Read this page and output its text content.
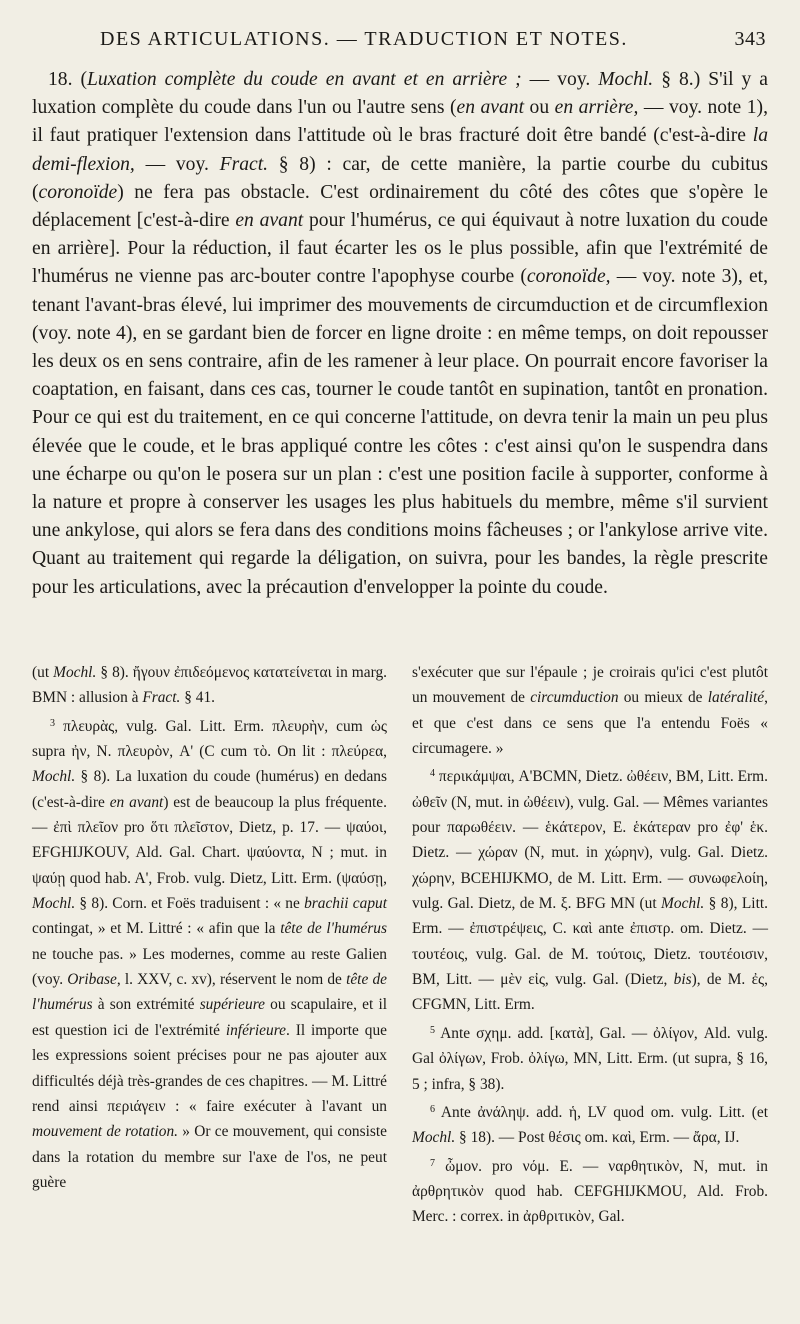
DES ARTICULATIONS. — TRADUCTION ET NOTES.	343

18. (Luxation complète du coude en avant et en arrière ; — voy. Mochl. § 8.) S'il y a luxation complète du coude dans l'un ou l'autre sens (en avant ou en arrière, — voy. note 1), il faut pratiquer l'extension dans l'attitude où le bras fracturé doit être bandé (c'est-à-dire la demi-flexion, — voy. Fract. § 8) : car, de cette manière, la partie courbe du cubitus (coronoïde) ne fera pas obstacle. C'est ordinairement du côté des côtes que s'opère le déplacement [c'est-à-dire en avant pour l'humérus, ce qui équivaut à notre luxation du coude en arrière]. Pour la réduction, il faut écarter les os le plus possible, afin que l'extrémité de l'humérus ne vienne pas arc-bouter contre l'apophyse courbe (coronoïde, — voy. note 3), et, tenant l'avant-bras élevé, lui imprimer des mouvements de circumduction et de circumflexion (voy. note 4), en se gardant bien de forcer en ligne droite : en même temps, on doit repousser les deux os en sens contraire, afin de les ramener à leur place. On pourrait encore favoriser la coaptation, en faisant, dans ces cas, tourner le coude tantôt en supination, tantôt en pronation. Pour ce qui est du traitement, en ce qui concerne l'attitude, on devra tenir la main un peu plus élevée que le coude, et le bras appliqué contre les côtes : c'est ainsi qu'on le suspendra dans une écharpe ou qu'on le posera sur un plan : c'est une position facile à supporter, conforme à la nature et propre à conserver les usages les plus habituels du membre, même s'il survient une ankylose, qui alors se fera dans des conditions moins fâcheuses ; or l'ankylose arrive vite. Quant au traitement qui regarde la déligation, on suivra, pour les bandes, la règle prescrite pour les articulations, avec la précaution d'envelopper la pointe du coude.

(ut Mochl. § 8). ἤγουν ἐπιδεόμενος κατατείνεται in marg. BMN : allusion à Fract. § 41.

$^3$ πλευρὰς, vulg. Gal. Litt. Erm. πλευρὴν, cum ὡς supra ἠν, N. πλευρὸν, A' (C cum τὸ. On lit : πλεύρεα, Mochl. § 8). La luxation du coude (humérus) en dedans (c'est-à-dire en avant) est de beaucoup la plus fréquente. — ἐπὶ πλεῖον pro ὅτι πλεῖστον, Dietz, p. 17. — ψαύοι, EFGHIJKOUV, Ald. Gal. Chart. ψαύοντα, N ; mut. in ψαύῃ quod hab. A', Frob. vulg. Dietz, Litt. Erm. (ψαύσῃ, Mochl. § 8). Corn. et Foës traduisent : « ne brachii caput contingat, » et M. Littré : « afin que la tête de l'humérus ne touche pas. » Les modernes, comme au reste Galien (voy. Oribase, l. XXV, c. xv), réservent le nom de tête de l'humérus à son extrémité supérieure ou scapulaire, et il est question ici de l'extrémité inférieure. Il importe que les expressions soient précises pour ne pas ajouter aux difficultés déjà très-grandes de ces chapitres. — M. Littré rend ainsi περιάγειν : « faire exécuter à l'avant un mouvement de rotation. » Or ce mouvement, qui consiste dans la rotation du membre sur l'axe de l'os, ne peut guère

s'exécuter que sur l'épaule ; je croirais qu'ici c'est plutôt un mouvement de circumduction ou mieux de latéralité, et que c'est dans ce sens que l'a entendu Foës « circumagere. »

$^4$ περικάμψαι, A'BCMN, Dietz. ὠθέειν, BM, Litt. Erm. ὠθεῖν (N, mut. in ὠθέειν), vulg. Gal. — Mêmes variantes pour παρωθέειν. — ἑκάτερον, E. ἑκάτεραν pro ἐφ' ἑκ. Dietz. — χώραν (N, mut. in χώρην), vulg. Gal. Dietz. χώρην, BCEHIJKMO, de M. Litt. Erm. — συνωφελοίη, vulg. Gal. Dietz, de M. ξ. BFG MN (ut Mochl. § 8), Litt. Erm. — ἐπιστρέψεις, C. καὶ ante ἐπιστρ. om. Dietz. — τουτέοις, vulg. Gal. de M. τούτοις, Dietz. τουτέοισιν, BM, Litt. — μὲν εἰς, vulg. Gal. (Dietz, bis), de M. ἐς, CFGMN, Litt. Erm.

$^5$ Ante σχημ. add. [κατὰ], Gal. — ὀλίγον, Ald. vulg. Gal ὀλίγων, Frob. ὀλίγω, MN, Litt. Erm. (ut supra, § 16, 5 ; infra, § 38).

$^6$ Ante ἀνάληψ. add. ἡ, LV quod om. vulg. Litt. (et Mochl. § 18). — Post θέσις om. καὶ, Erm. — ἄρα, IJ.

$^7$ ὦμον. pro νόμ. E. — ναρθητικὸν, N, mut. in ἀρθρητικὸν quod hab. CEFGHIJKMOU, Ald. Frob. Merc. : correx. in ἀρθριτικὸν, Gal.
